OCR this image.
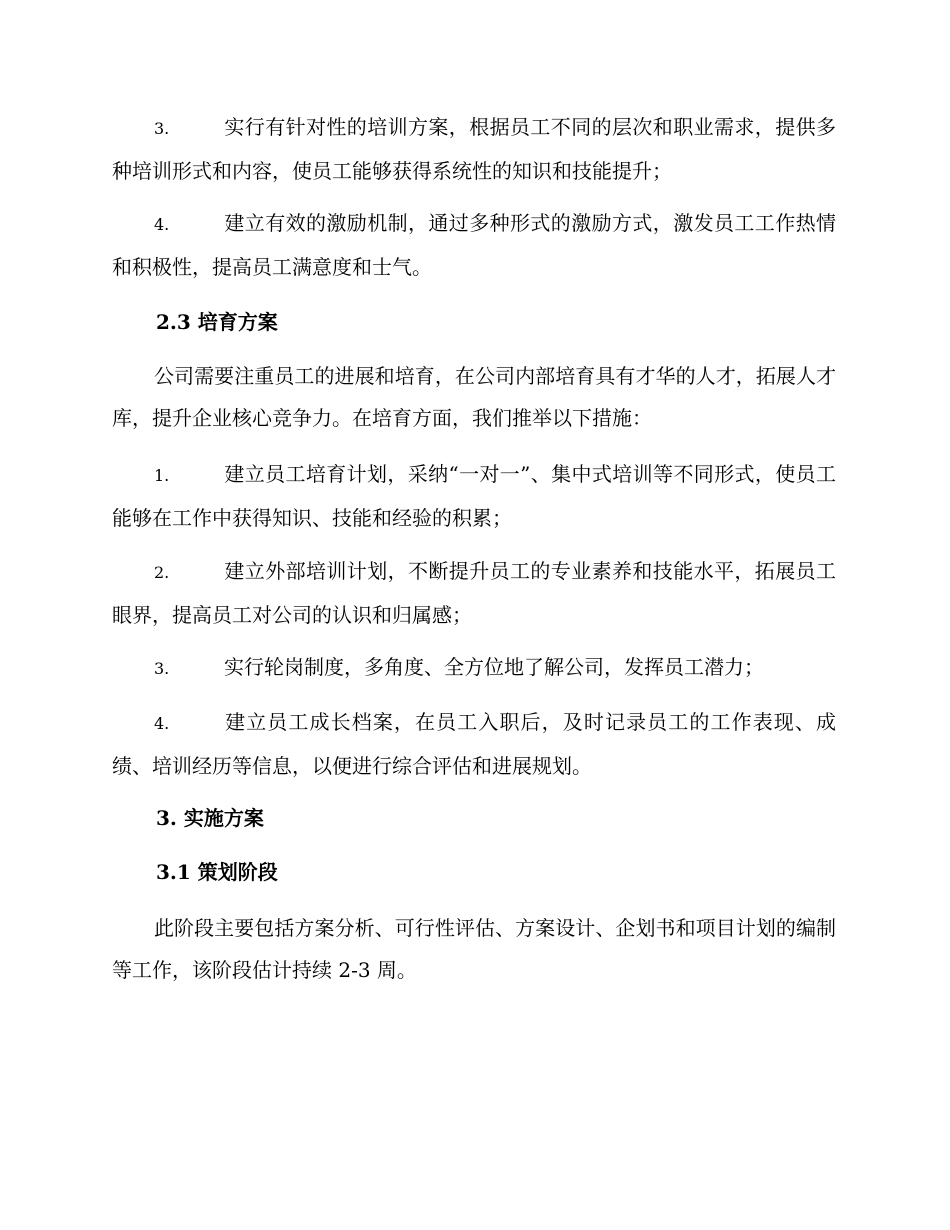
3.	实行有针对性的培训方案，根据员工不同的层次和职业需求，提供多种培训形式和内容，使员工能够获得系统性的知识和技能提升；

4.	建立有效的激励机制，通过多种形式的激励方式，激发员工工作热情和积极性，提高员工满意度和士气。

2.3 培育方案

公司需要注重员工的进展和培育，在公司内部培育具有才华的人才，拓展人才库，提升企业核心竞争力。在培育方面，我们推举以下措施：

1.	建立员工培育计划，采纳“一对一”、集中式培训等不同形式，使员工能够在工作中获得知识、技能和经验的积累；

2.	建立外部培训计划，不断提升员工的专业素养和技能水平，拓展员工眼界，提高员工对公司的认识和归属感；

3.	实行轮岗制度，多角度、全方位地了解公司，发挥员工潜力；

4.	建立员工成长档案，在员工入职后，及时记录员工的工作表现、成绩、培训经历等信息，以便进行综合评估和进展规划。

3. 实施方案
3.1 策划阶段

此阶段主要包括方案分析、可行性评估、方案设计、企划书和项目计划的编制等工作，该阶段估计持续 2-3 周。
